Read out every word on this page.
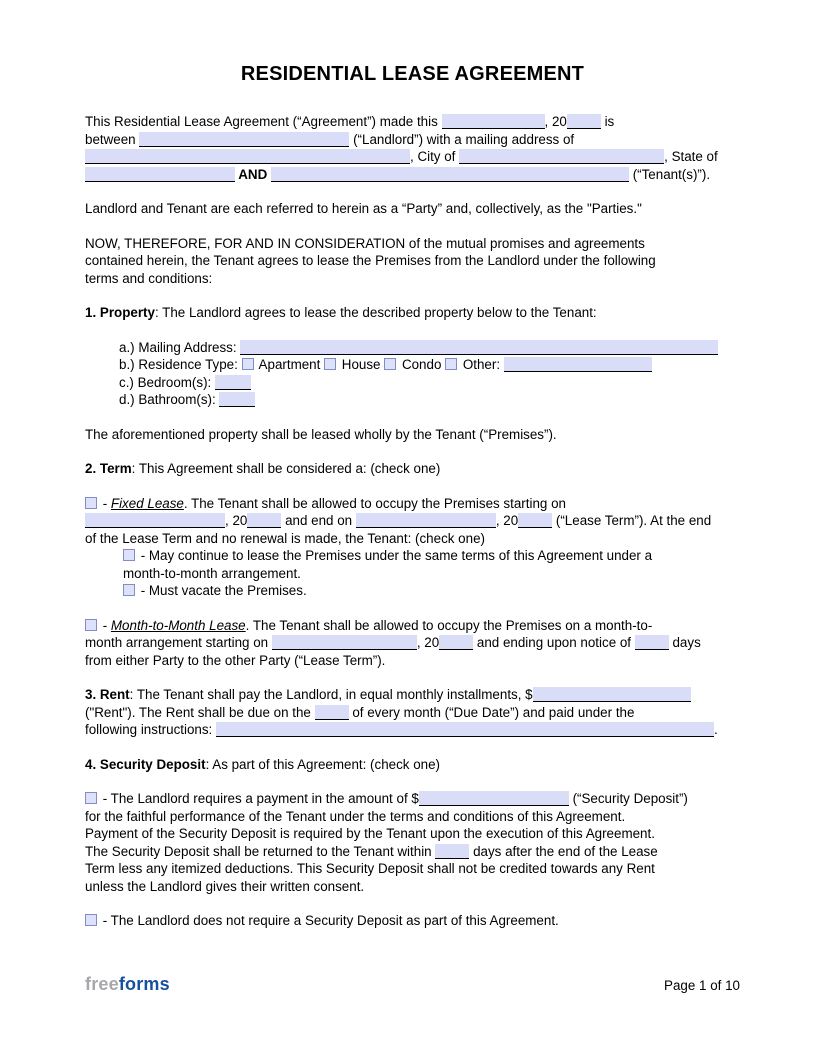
RESIDENTIAL LEASE AGREEMENT
This Residential Lease Agreement (“Agreement”) made this	, 20	is
between	(“Landlord”) with a mailing address of
, City of	, State of
AND	(“Tenant(s)”).
Landlord and Tenant are each referred to herein as a “Party” and, collectively, as the "Parties."
NOW, THEREFORE, FOR AND IN CONSIDERATION of the mutual promises and agreements
contained herein, the Tenant agrees to lease the Premises from the Landlord under the following
terms and conditions:
1. Property: The Landlord agrees to lease the described property below to the Tenant:
a.) Mailing Address:
b.) Residence Type:  Apartment  House  Condo  Other:
c.) Bedroom(s):
d.) Bathroom(s):
The aforementioned property shall be leased wholly by the Tenant (“Premises”).
2. Term: This Agreement shall be considered a: (check one)
- Fixed Lease. The Tenant shall be allowed to occupy the Premises starting on
, 20	and end on	, 20	(“Lease Term”). At the end
of the Lease Term and no renewal is made, the Tenant: (check one)
- May continue to lease the Premises under the same terms of this Agreement under a
month-to-month arrangement.
- Must vacate the Premises.
- Month-to-Month Lease. The Tenant shall be allowed to occupy the Premises on a month-to-
month arrangement starting on	, 20	and ending upon notice of	days
from either Party to the other Party (“Lease Term”).
3. Rent: The Tenant shall pay the Landlord, in equal monthly installments, $
("Rent"). The Rent shall be due on the	of every month (“Due Date”) and paid under the
following instructions:	.
4. Security Deposit: As part of this Agreement: (check one)
- The Landlord requires a payment in the amount of $	(“Security Deposit”)
for the faithful performance of the Tenant under the terms and conditions of this Agreement.
Payment of the Security Deposit is required by the Tenant upon the execution of this Agreement.
The Security Deposit shall be returned to the Tenant within	days after the end of the Lease
Term less any itemized deductions. This Security Deposit shall not be credited towards any Rent
unless the Landlord gives their written consent.
- The Landlord does not require a Security Deposit as part of this Agreement.
freeforms	Page 1 of 10
